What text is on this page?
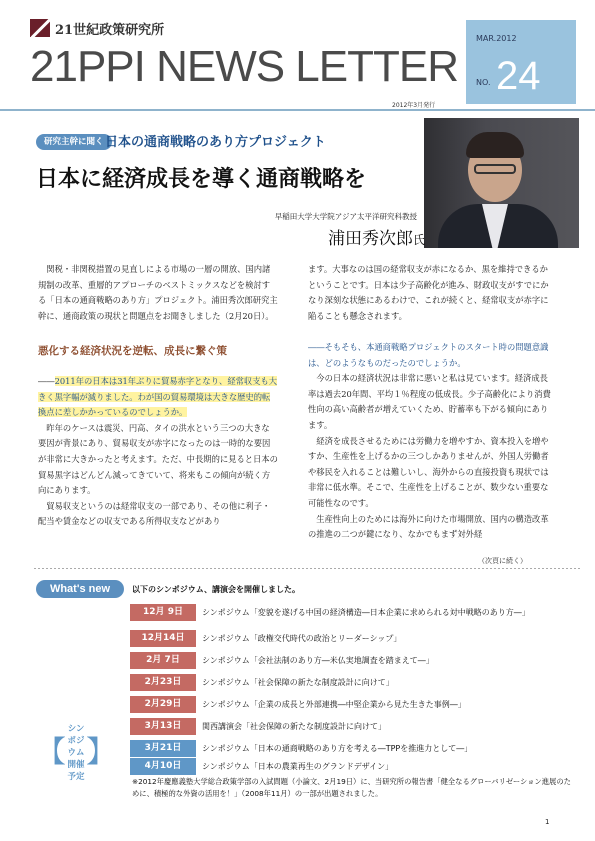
21世紀政策研究所
21PPI NEWS LETTER
2012年3月発行
MAR.2012
NO. 24
研究主幹に聞く 日本の通商戦略のあり方プロジェクト
日本に経済成長を導く通商戦略を
早稲田大学大学院アジア太平洋研究科教授
浦田秀次郎氏

関税・非関税措置の見直しによる市場の一層の開放、国内諸規制の改革、重層的アプローチのベストミックスなどを検討する「日本の通商戦略のあり方」プロジェクト。浦田秀次郎研究主幹に、通商政策の現状と問題点をお聞きしました（2月20日）。

悪化する経済状況を逆転、成長に繋ぐ策

――2011年の日本は31年ぶりに貿易赤字となり、経常収支も大きく黒字幅が減りました。わが国の貿易環境は大きな歴史的転換点に差しかかっているのでしょうか。

昨年のケースは震災、円高、タイの洪水という三つの大きな要因が背景にあり、貿易収支が赤字になったのは一時的な要因が非常に大きかったと考えます。ただ、中長期的に見ると日本の貿易黒字はどんどん減ってきていて、将来もこの傾向が続く方向にあります。

貿易収支というのは経常収支の一部であり、その他に利子・配当や賃金などの収支である所得収支などがあり

ます。大事なのは国の経常収支が赤になるか、黒を維持できるかということです。日本は少子高齢化が進み、財政収支がすでにかなり深刻な状態にあるわけで、これが続くと、経常収支が赤字に陥ることも懸念されます。

――そもそも、本通商戦略プロジェクトのスタート時の問題意識は、どのようなものだったのでしょうか。

今の日本の経済状況は非常に悪いと私は見ています。経済成長率は過去20年間、平均１％程度の低成長。少子高齢化により消費性向の高い高齢者が増えていくため、貯蓄率も下がる傾向にあります。

経済を成長させるためには労働力を増やすか、資本投入を増やすか、生産性を上げるかの三つしかありませんが、外国人労働者や移民を入れることは難しいし、海外からの直接投資も現状では非常に低水準。そこで、生産性を上げることが、数少ない重要な可能性なのです。

生産性向上のためには海外に向けた市場開放、国内の構造改革の推進の二つが鍵になり、なかでもまず対外経

（次頁に続く）
What's new	以下のシンポジウム、講演会を開催しました。
12月 9日	シンポジウム「変貌を遂げる中国の経済構造―日本企業に求められる対中戦略のあり方―」
12月14日	シンポジウム「政権交代時代の政治とリーダーシップ」
2月 7日	シンポジウム「会社法制のあり方―米仏実地調査を踏まえて―」
2月23日	シンポジウム「社会保障の新たな制度設計に向けて」
2月29日	シンポジウム「企業の成長と外部連携―中堅企業から見た生きた事例―」
3月13日	関西講演会「社会保障の新たな制度設計に向けて」
【
シンポジウム
開催予定
】	3月21日	シンポジウム「日本の通商戦略のあり方を考える―TPPを推進力として―」
4月10日	シンポジウム「日本の農業再生のグランドデザイン」
※2012年慶應義塾大学総合政策学部の入試問題（小論文、2月19日）に、当研究所の報告書「健全なるグローバリゼーション進展のために、積極的な外資の活用を！」（2008年11月）の一部が出題されました。
1
